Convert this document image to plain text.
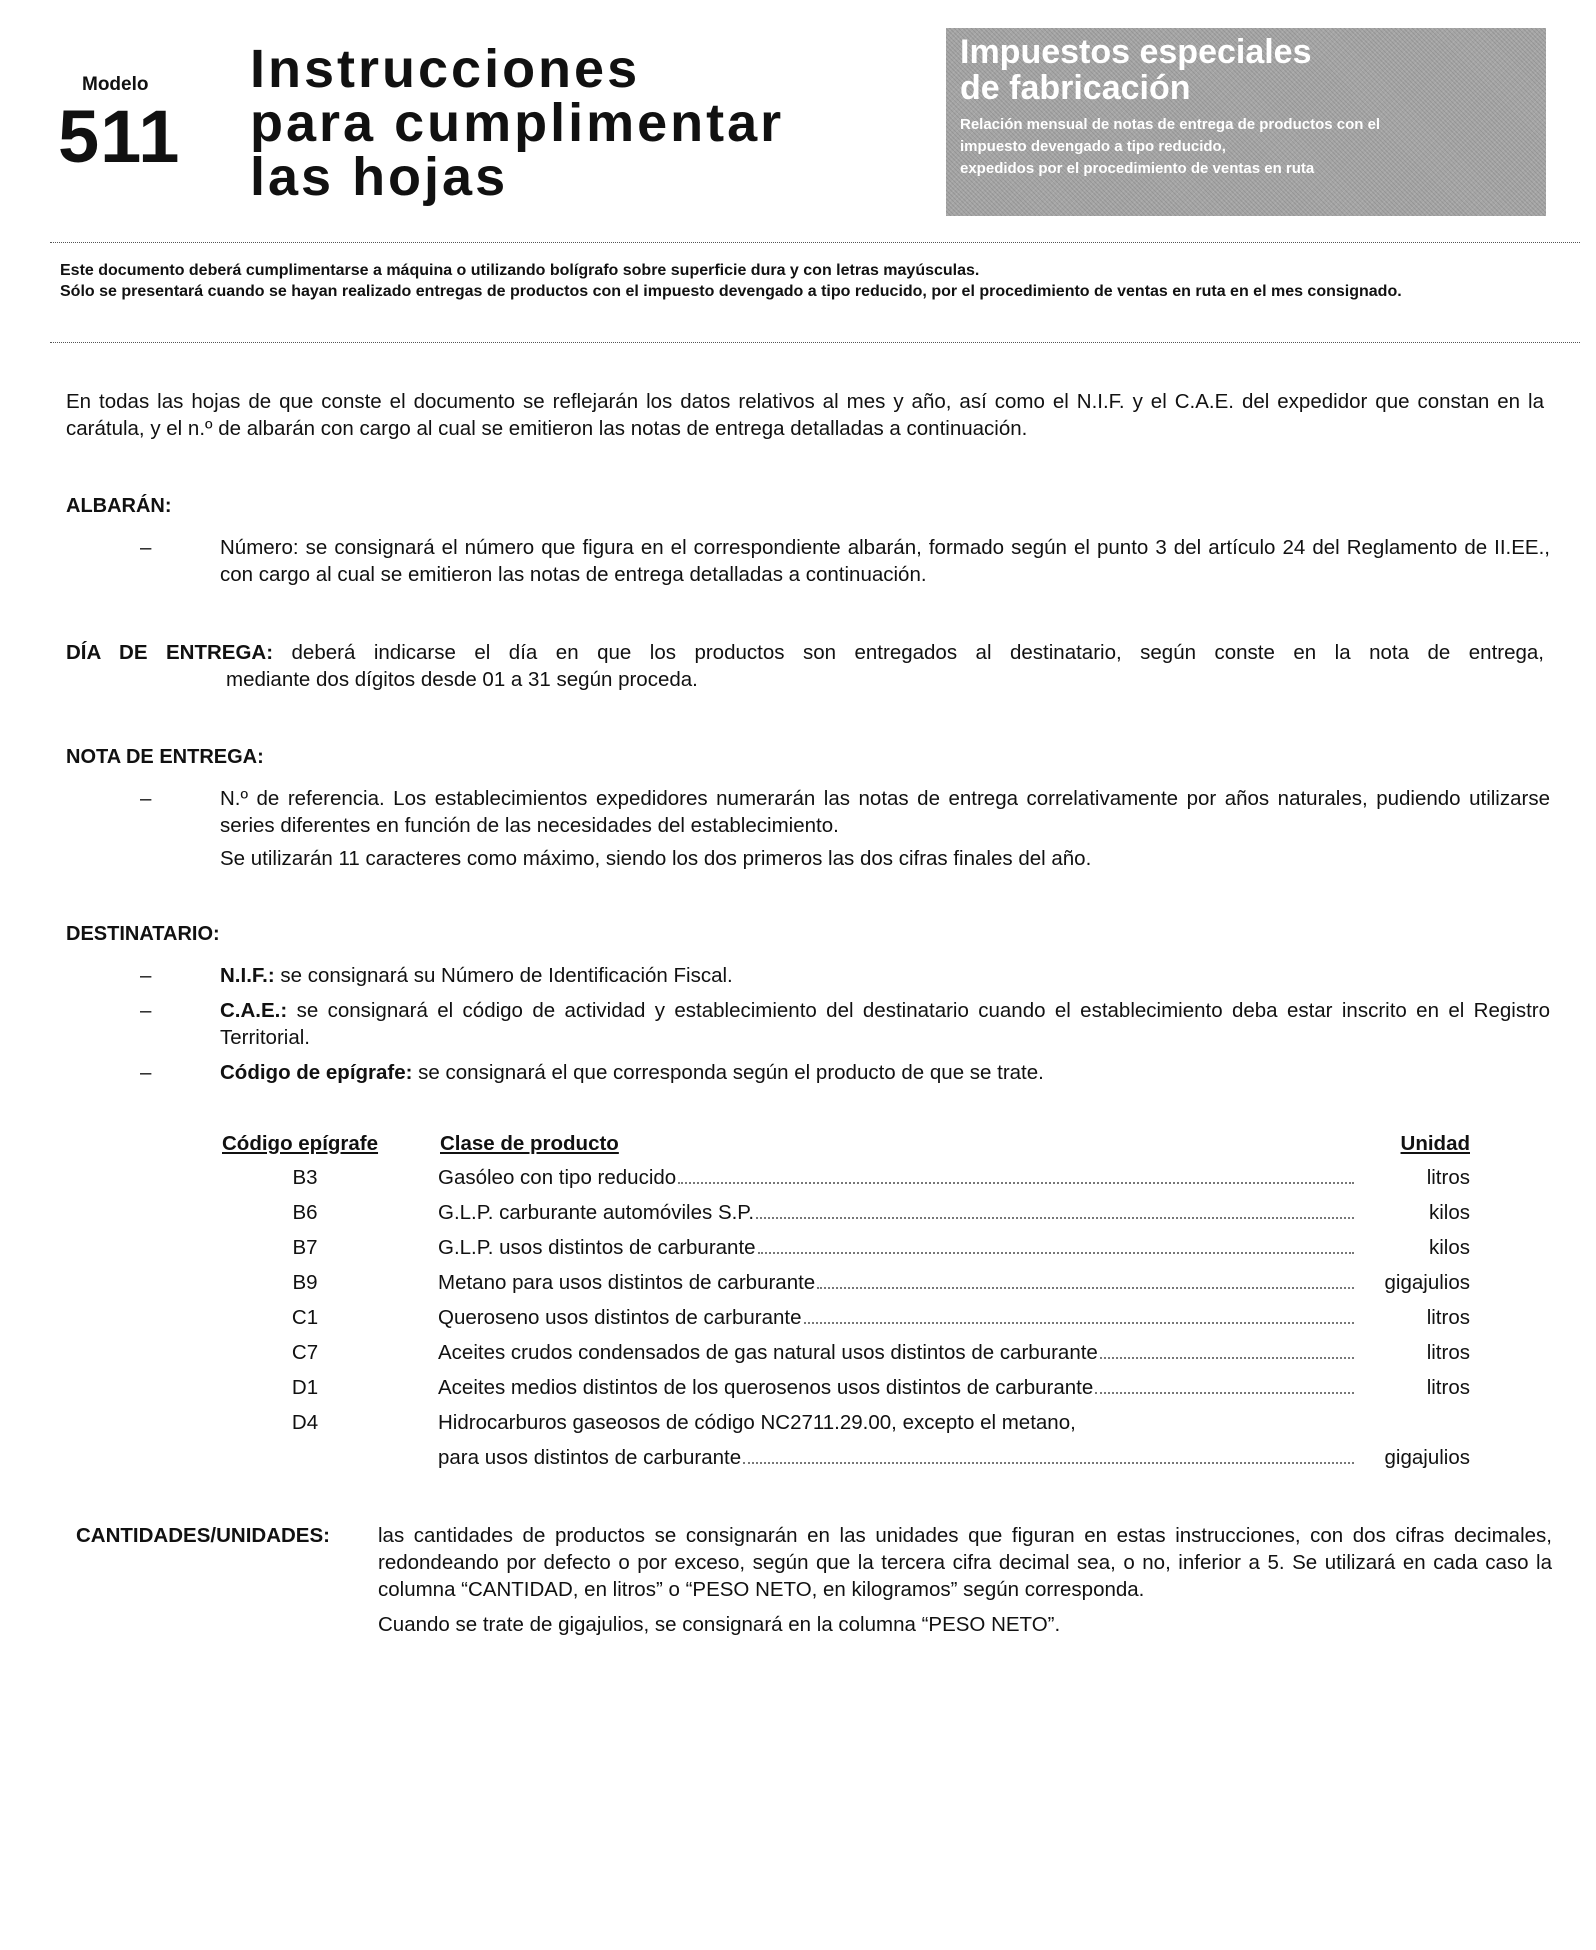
Modelo
511
Instrucciones
para cumplimentar
las hojas
Impuestos especiales
de fabricación
Relación mensual de notas de entrega de productos con el
impuesto devengado a tipo reducido,
expedidos por el procedimiento de ventas en ruta
Este documento deberá cumplimentarse a máquina o utilizando bolígrafo sobre superficie dura y con letras mayúsculas.
Sólo se presentará cuando se hayan realizado entregas de productos con el impuesto devengado a tipo reducido, por el procedimiento de ventas en ruta en el mes consignado.
En todas las hojas de que conste el documento se reflejarán los datos relativos al mes y año, así como el N.I.F. y el C.A.E. del expedidor que constan en la carátula, y el n.º de albarán con cargo al cual se emitieron las notas de entrega detalladas a continuación.
ALBARÁN:
–	Número: se consignará el número que figura en el correspondiente albarán, formado según el punto 3 del artículo 24 del Reglamento de II.EE., con cargo al cual se emitieron las notas de entrega detalladas a continuación.
DÍA DE ENTREGA: deberá indicarse el día en que los productos son entregados al destinatario, según conste en la nota de entrega,
mediante dos dígitos desde 01 a 31 según proceda.
NOTA DE ENTREGA:
–	N.º de referencia. Los establecimientos expedidores numerarán las notas de entrega correlativamente por años naturales, pudiendo utilizarse series diferentes en función de las necesidades del establecimiento.
Se utilizarán 11 caracteres como máximo, siendo los dos primeros las dos cifras finales del año.
DESTINATARIO:
–	N.I.F.: se consignará su Número de Identificación Fiscal.
–	C.A.E.: se consignará el código de actividad y establecimiento del destinatario cuando el establecimiento deba estar inscrito en el Registro Territorial.
–	Código de epígrafe: se consignará el que corresponda según el producto de que se trate.
Código epígrafe	Clase de producto	Unidad
B3	Gasóleo con tipo reducido	litros
B6	G.L.P. carburante automóviles S.P.	kilos
B7	G.L.P. usos distintos de carburante	kilos
B9	Metano para usos distintos de carburante	gigajulios
C1	Queroseno usos distintos de carburante	litros
C7	Aceites crudos condensados de gas natural usos distintos de carburante	litros
D1	Aceites medios distintos de los querosenos usos distintos de carburante	litros
D4	Hidrocarburos gaseosos de código NC2711.29.00, excepto el metano,
para usos distintos de carburante	gigajulios
CANTIDADES/UNIDADES:	las cantidades de productos se consignarán en las unidades que figuran en estas instrucciones, con dos cifras decimales, redondeando por defecto o por exceso, según que la tercera cifra decimal sea, o no, inferior a 5. Se utilizará en cada caso la columna “CANTIDAD, en litros” o “PESO NETO, en kilogramos” según corresponda.
Cuando se trate de gigajulios, se consignará en la columna “PESO NETO”.
